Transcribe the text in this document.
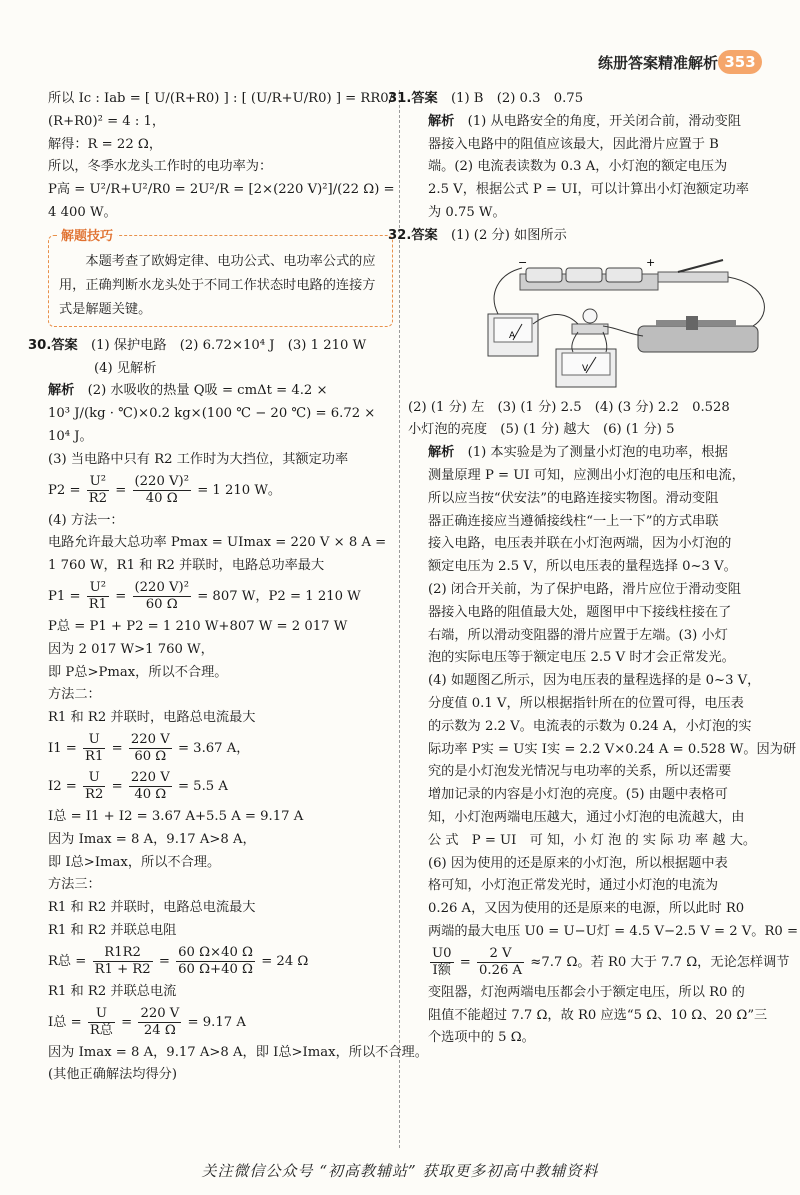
练册答案精准解析 353
所以 Ic : Iab = [ U/(R+R0) ] : [ (U/R+U/R0) ] = RR0/
(R+R0)² = 4 : 1，
解得：R = 22 Ω，
所以，冬季水龙头工作时的电功率为：
P高 = U²/R+U²/R0 = 2U²/R = [2×(220 V)²]/(22 Ω) =
4 400 W。
解题技巧
本题考查了欧姆定律、电功公式、电功率公式的应用，正确判断水龙头处于不同工作状态时电路的连接方式是解题关键。
30.答案　 (1) 保护电路　(2) 6.72×10⁴ J　(3) 1 210 W
(4) 见解析
解析　 (2) 水吸收的热量 Q吸 = cmΔt = 4.2 ×
10³ J/(kg · ℃)×0.2 kg×(100 ℃ − 20 ℃) = 6.72 ×
10⁴ J。
(3) 当电路中只有 R2 工作时为大挡位，其额定功率
$P2 = \frac{\text{U²}}{R2} = \frac{\text{(220 V)²}}{40 \Omega} = 1$ 210 W。
(4) 方法一：
电路允许最大总功率 Pmax = UImax = 220 V × 8 A =
1 760 W，R1 和 R2 并联时，电路总功率最大
$P1 = \frac{\text{U²}}{R1} = \frac{\text{(220 V)²}}{60 \Omega} = 807$ W，P2 = 1 210 W
P总 = P1 + P2 = 1 210 W+807 W = 2 017 W
因为 2 017 W>1 760 W，
即 P总>Pmax，所以不合理。
方法二：
R1 和 R2 并联时，电路总电流最大
$I1 = \frac{U}{R1} = \frac{220 V}{60 \Omega} = 3.67$ A，
$I2 = \frac{U}{R2} = \frac{220 V}{40 \Omega} = 5.5$ A
I总 = I1 + I2 = 3.67 A+5.5 A = 9.17 A
因为 Imax = 8 A，9.17 A>8 A，
即 I总>Imax，所以不合理。
方法三：
R1 和 R2 并联时，电路总电流最大
R1 和 R2 并联总电阻
R总 = $\frac{R1R2}{R1 + R2} = \frac{60 \Omega\times 40 \Omega}{60 \Omega+40 \Omega} = 24$ Ω
R1 和 R2 并联总电流
I总 = $\frac{U}{\text{R总}} = \frac{220 V}{24 \Omega} = 9.17$ A
因为 Imax = 8 A，9.17 A>8 A，即 I总>Imax，所以不合理。
(其他正确解法均得分)
31.答案　 (1) B　(2) 0.3　0.75
解析　 (1) 从电路安全的角度，开关闭合前，滑动变阻
器接入电路中的阻值应该最大，因此滑片应置于 B
端。(2) 电流表读数为 0.3 A，小灯泡的额定电压为
2.5 V，根据公式 P = UI，可以计算出小灯泡额定功率
为 0.75 W。
32.答案　 (1) (2 分) 如图所示
−	+
A
V
(2) (1 分) 左　(3) (1 分) 2.5　(4) (3 分) 2.2　0.528
小灯泡的亮度　(5) (1 分) 越大　(6) (1 分) 5
解析　 (1) 本实验是为了测量小灯泡的电功率，根据
测量原理 P = UI 可知，应测出小灯泡的电压和电流，
所以应当按“伏安法”的电路连接实物图。滑动变阻
器正确连接应当遵循接线柱“一上一下”的方式串联
接入电路，电压表并联在小灯泡两端，因为小灯泡的
额定电压为 2.5 V，所以电压表的量程选择 0~3 V。
(2) 闭合开关前，为了保护电路，滑片应位于滑动变阻
器接入电路的阻值最大处，题图甲中下接线柱接在了
右端，所以滑动变阻器的滑片应置于左端。(3) 小灯
泡的实际电压等于额定电压 2.5 V 时才会正常发光。
(4) 如题图乙所示，因为电压表的量程选择的是 0~3 V，
分度值 0.1 V，所以根据指针所在的位置可得，电压表
的示数为 2.2 V。电流表的示数为 0.24 A，小灯泡的实
际功率 P实 = U实 I实 = 2.2 V×0.24 A = 0.528 W。因为研
究的是小灯泡发光情况与电功率的关系，所以还需要
增加记录的内容是小灯泡的亮度。(5) 由题中表格可
知，小灯泡两端电压越大，通过小灯泡的电流越大，由
公 式　P = UI　可 知，小 灯 泡 的 实 际 功 率 越 大。
(6) 因为使用的还是原来的小灯泡，所以根据题中表
格可知，小灯泡正常发光时，通过小灯泡的电流为
0.26 A，又因为使用的还是原来的电源，所以此时 R0
两端的最大电压 U0 = U−U灯 = 4.5 V−2.5 V = 2 V。R0 =
$\frac{U0}{\text{I额}} = \frac{2 V}{0.26 A} \approx 7.7$ Ω。若 R0 大于 7.7 Ω，无论怎样调节
变阻器，灯泡两端电压都会小于额定电压，所以 R0 的
阻值不能超过 7.7 Ω，故 R0 应选“5 Ω、10 Ω、20 Ω”三
个选项中的 5 Ω。
关注微信公众号 “初高教辅站” 获取更多初高中教辅资料
